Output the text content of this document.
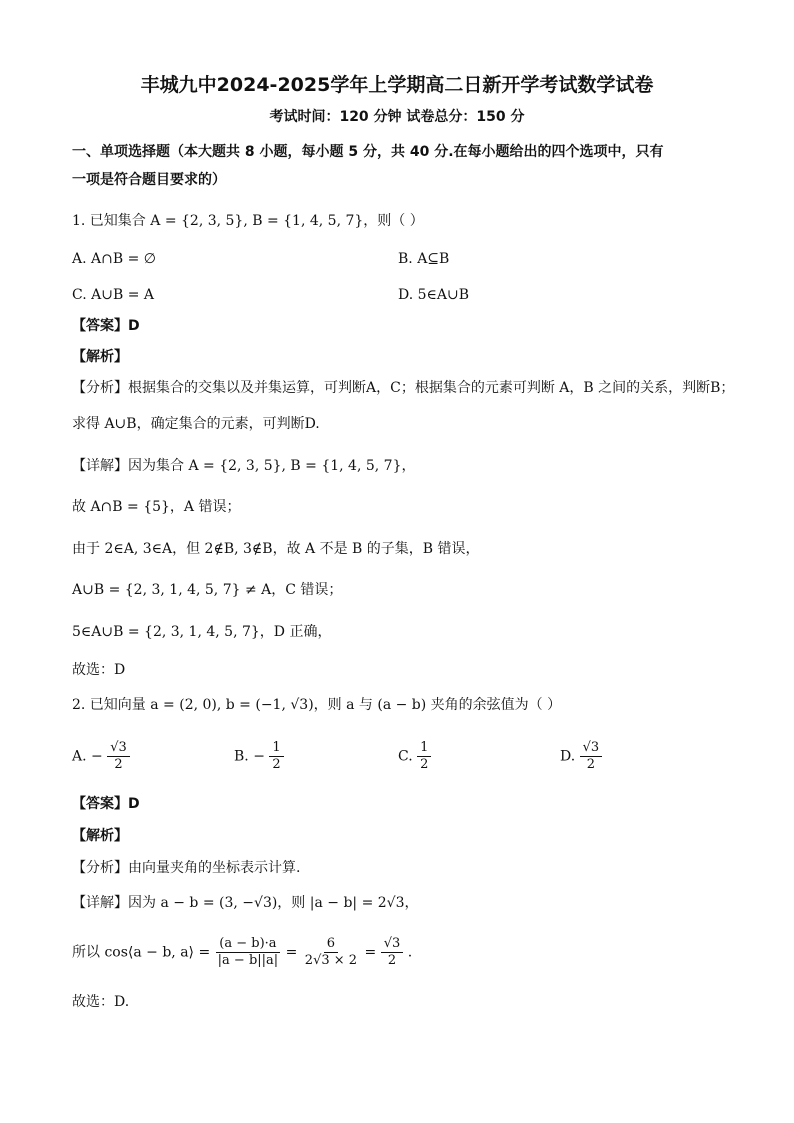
丰城九中2024-2025学年上学期高二日新开学考试数学试卷
考试时间：120 分钟 试卷总分：150 分
一、单项选择题（本大题共 8 小题，每小题 5 分，共 40 分.在每小题给出的四个选项中，只有
一项是符合题目要求的）
1. 已知集合 A = {2, 3, 5}, B = {1, 4, 5, 7}，则（ ）
A. A∩B = ∅	B. A⊆B
C. A∪B = A	D. 5∈A∪B
【答案】D
【解析】
【分析】根据集合的交集以及并集运算，可判断A，C；根据集合的元素可判断 A，B 之间的关系，判断B；
求得 A∪B，确定集合的元素，可判断D.
【详解】因为集合 A = {2, 3, 5}, B = {1, 4, 5, 7}，
故 A∩B = {5}，A 错误；
由于 2∈A, 3∈A，但 2∉B, 3∉B，故 A 不是 B 的子集，B 错误，
A∪B = {2, 3, 1, 4, 5, 7} ≠ A，C 错误；
5∈A∪B = {2, 3, 1, 4, 5, 7}，D 正确，
故选：D
2. 已知向量 a = (2, 0), b = (−1, √3)，则 a 与 (a − b) 夹角的余弦值为（ ）
A. − $\frac{√3}{2}$	B. − $\frac{1}{2}$	C. $\frac{1}{2}$	D. $\frac{√3}{2}$
【答案】D
【解析】
【分析】由向量夹角的坐标表示计算.
【详解】因为 a − b = (3, −√3)，则 |a − b| = 2√3，
所以 cos⟨a − b, a⟩ = $\frac{(a - b)\cdot a}{|a - b||a|} = \frac{6}{2√3 \times 2} = \frac{√3}{2}$ .
故选：D.
